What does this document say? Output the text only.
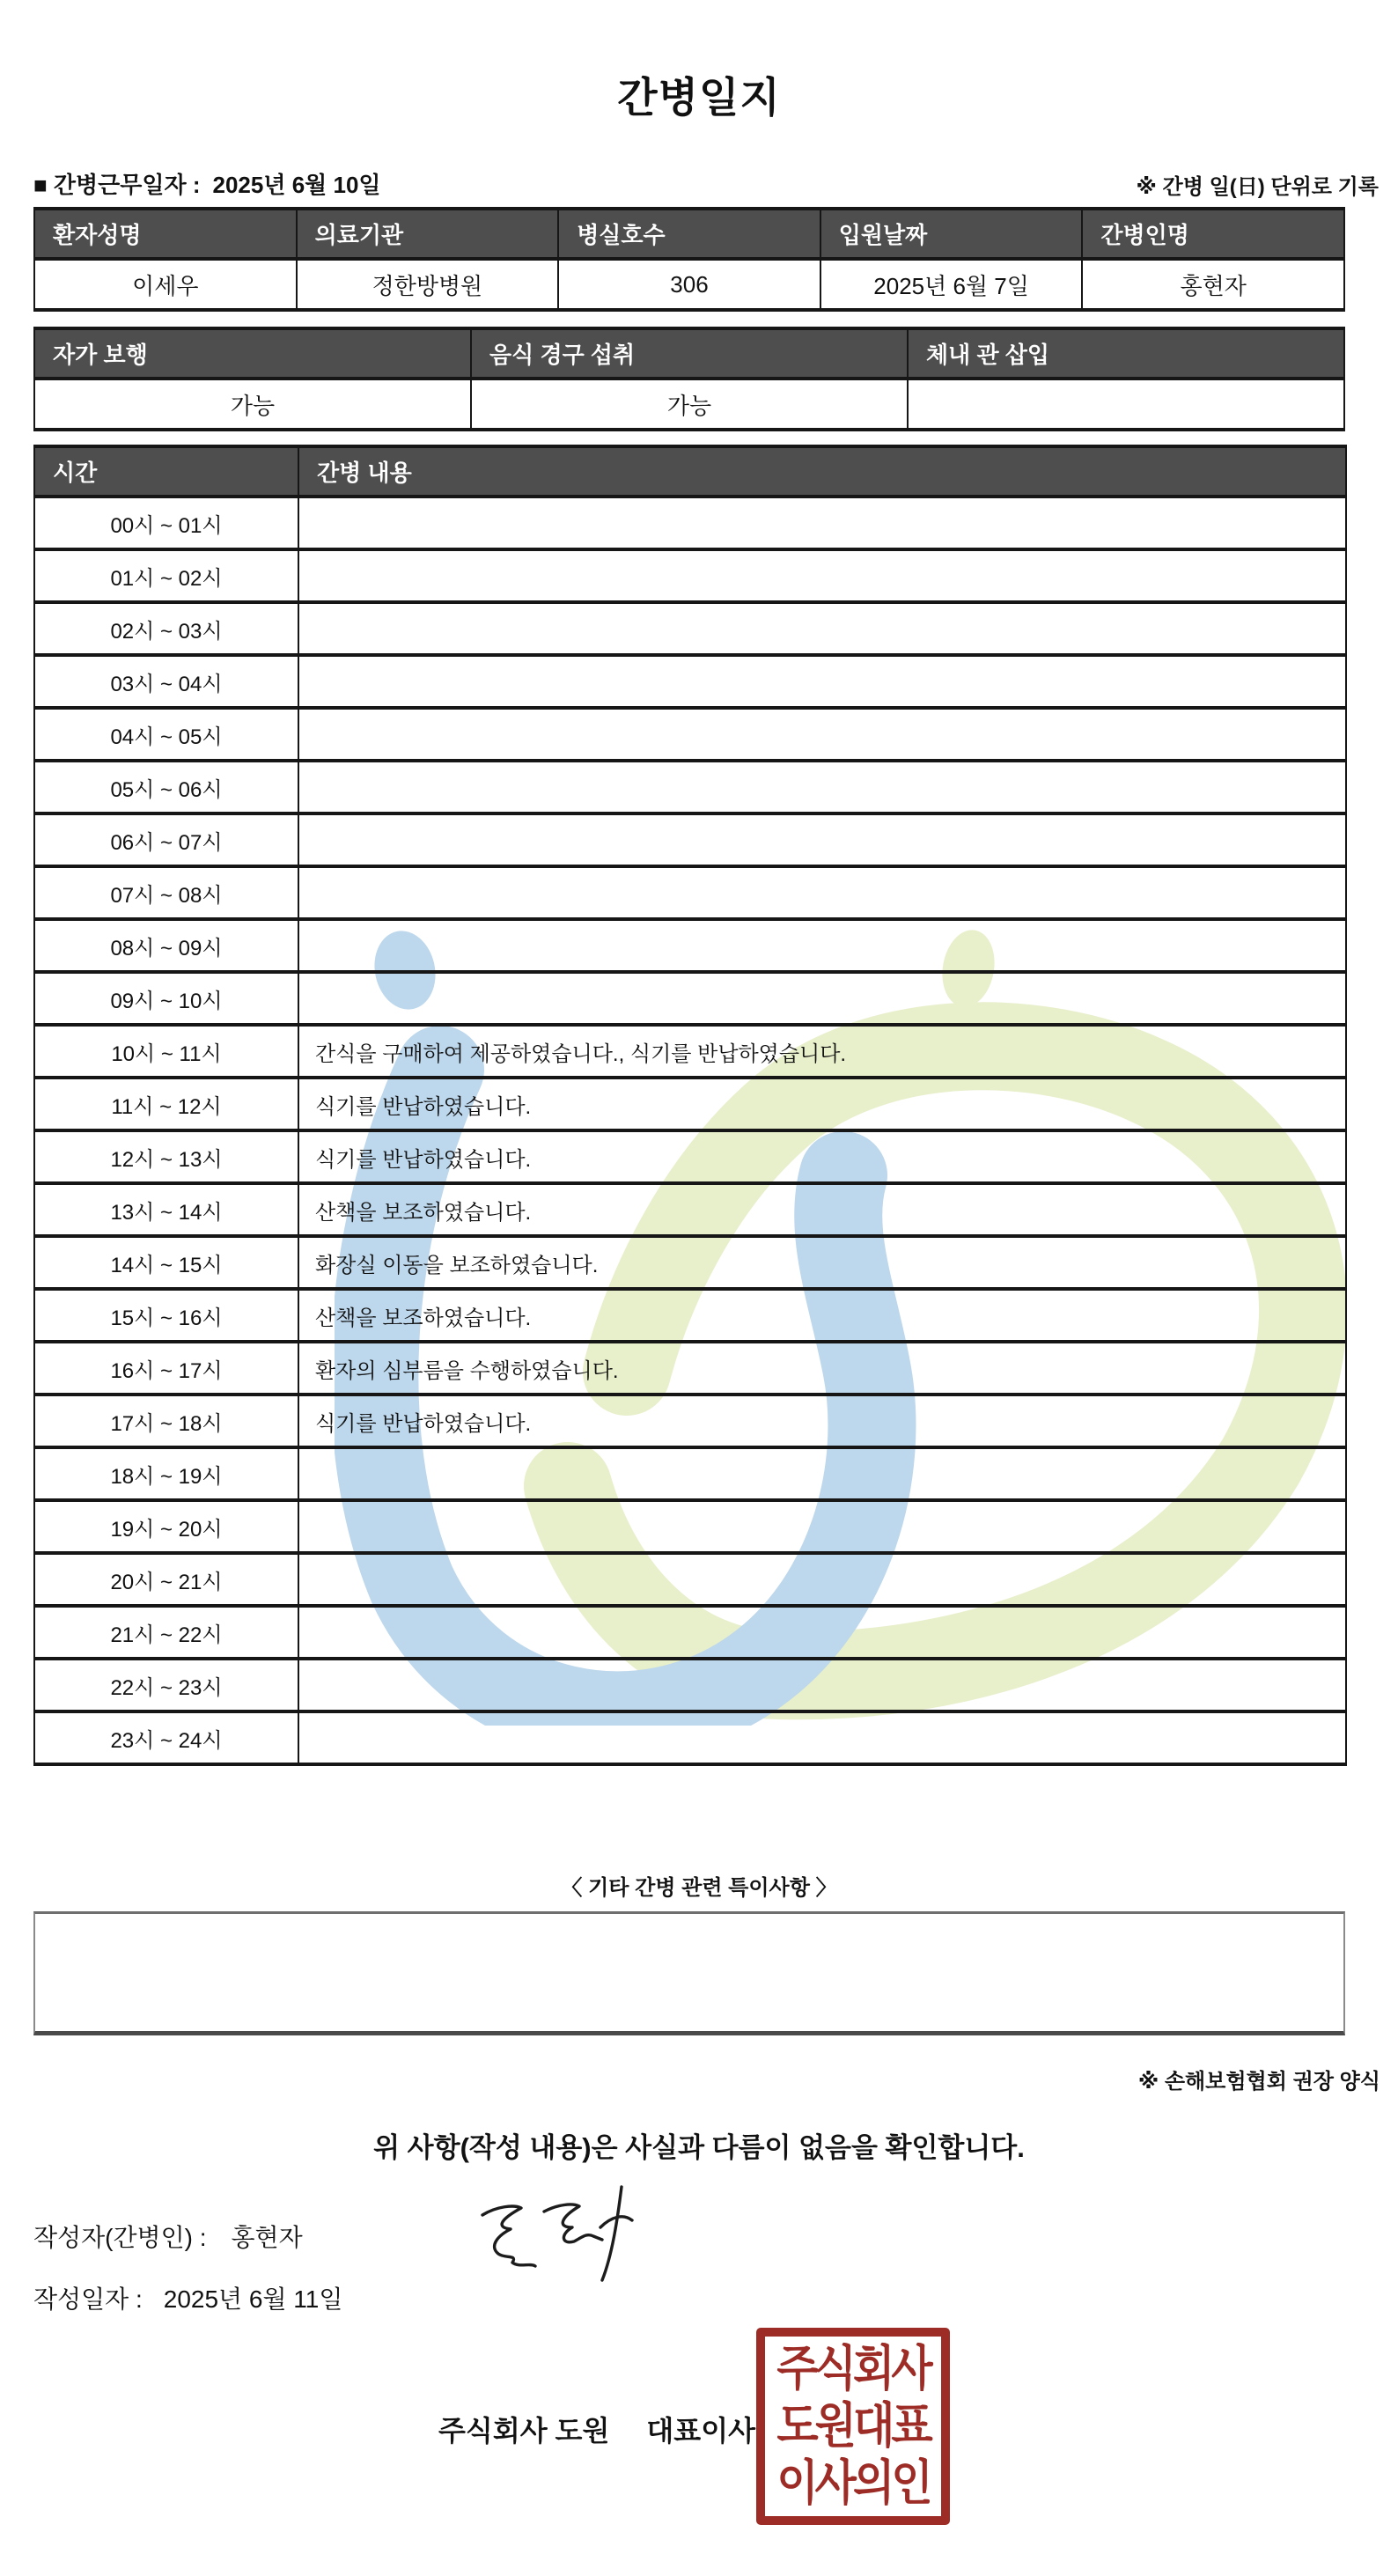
간병일지
■ 간병근무일자 : 2025년 6월 10일	※ 간병 일(日) 단위로 기록
환자성명	의료기관	병실호수	입원날짜	간병인명
이세우	정한방병원	306	2025년 6월 7일	홍현자
자가 보행	음식 경구 섭취	체내 관 삽입
가능	가능	
시간	간병 내용
00시 ~ 01시	
01시 ~ 02시	
02시 ~ 03시	
03시 ~ 04시	
04시 ~ 05시	
05시 ~ 06시	
06시 ~ 07시	
07시 ~ 08시	
08시 ~ 09시	
09시 ~ 10시	
10시 ~ 11시	간식을 구매하여 제공하였습니다., 식기를 반납하였습니다.
11시 ~ 12시	식기를 반납하였습니다.
12시 ~ 13시	식기를 반납하였습니다.
13시 ~ 14시	산책을 보조하였습니다.
14시 ~ 15시	화장실 이동을 보조하였습니다.
15시 ~ 16시	산책을 보조하였습니다.
16시 ~ 17시	환자의 심부름을 수행하였습니다.
17시 ~ 18시	식기를 반납하였습니다.
18시 ~ 19시	
19시 ~ 20시	
20시 ~ 21시	
21시 ~ 22시	
22시 ~ 23시	
23시 ~ 24시	
〈 기타 간병 관련 특이사항 〉
※ 손해보험협회 권장 양식
위 사항(작성 내용)은 사실과 다름이 없음을 확인합니다.
작성자(간병인) : 홍현자
작성일자 : 2025년 6월 11일
주식회사 도원 대표이사
주식회사
도원대표
이사의인
